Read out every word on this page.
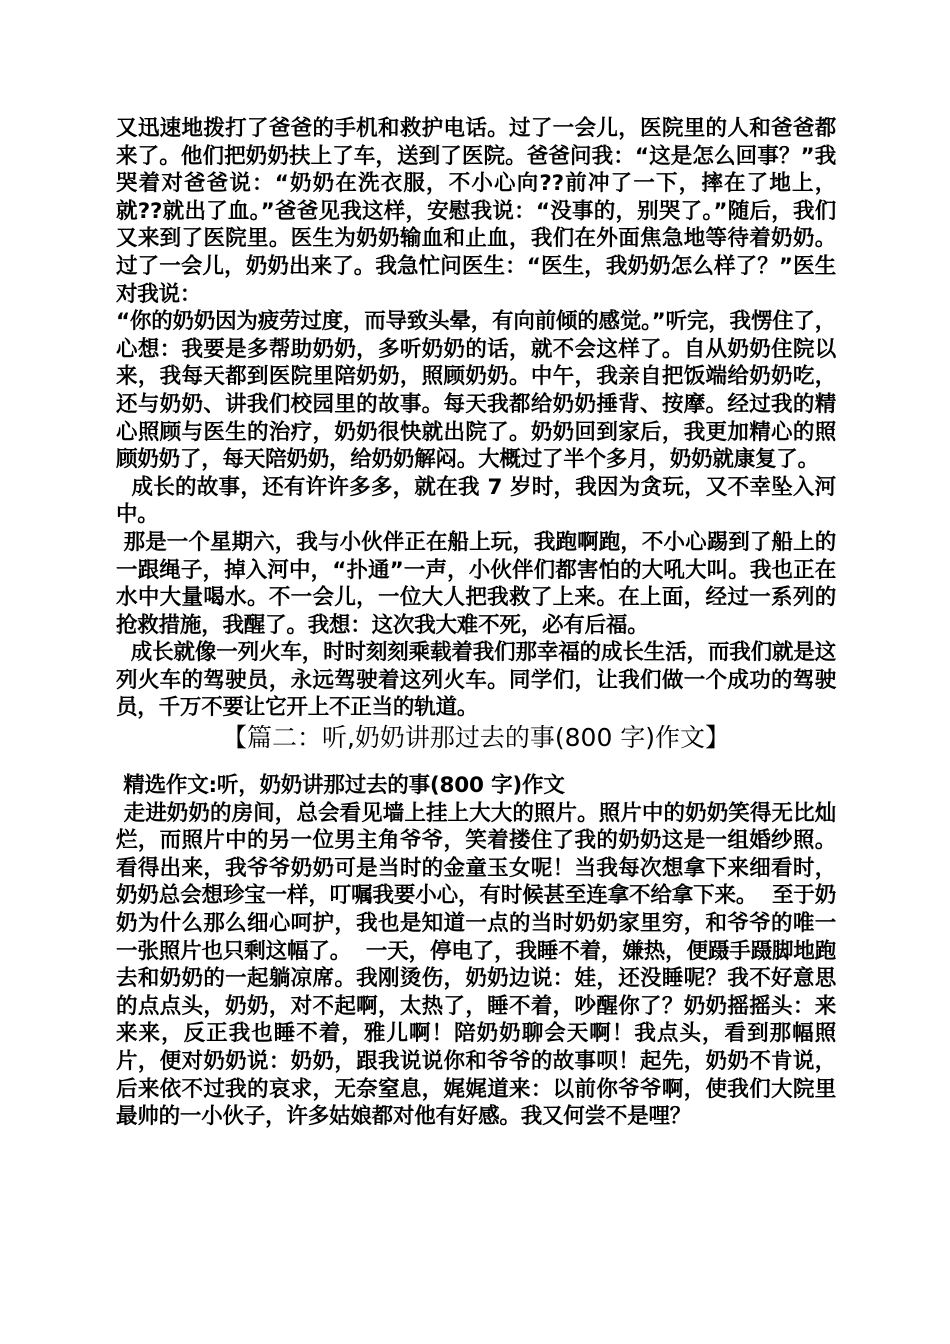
又迅速地拨打了爸爸的手机和救护电话。过了一会儿，医院里的人和爸爸都来了。他们把奶奶扶上了车，送到了医院。爸爸问我：“这是怎么回事？”我哭着对爸爸说：“奶奶在洗衣服，不小心向??前冲了一下，摔在了地上，就??就出了血。”爸爸见我这样，安慰我说：“没事的，别哭了。”随后，我们又来到了医院里。医生为奶奶输血和止血，我们在外面焦急地等待着奶奶。过了一会儿，奶奶出来了。我急忙问医生：“医生，我奶奶怎么样了？”医生对我说：

“你的奶奶因为疲劳过度，而导致头晕，有向前倾的感觉。”听完，我愣住了，心想：我要是多帮助奶奶，多听奶奶的话，就不会这样了。自从奶奶住院以来，我每天都到医院里陪奶奶，照顾奶奶。中午，我亲自把饭端给奶奶吃，还与奶奶、讲我们校园里的故事。每天我都给奶奶捶背、按摩。经过我的精心照顾与医生的治疗，奶奶很快就出院了。奶奶回到家后，我更加精心的照顾奶奶了，每天陪奶奶，给奶奶解闷。大概过了半个多月，奶奶就康复了。

成长的故事，还有许许多多，就在我 7 岁时，我因为贪玩，又不幸坠入河中。

那是一个星期六，我与小伙伴正在船上玩，我跑啊跑，不小心踢到了船上的一跟绳子，掉入河中，“扑通”一声，小伙伴们都害怕的大吼大叫。我也正在水中大量喝水。不一会儿，一位大人把我救了上来。在上面，经过一系列的抢救措施，我醒了。我想：这次我大难不死，必有后福。

成长就像一列火车，时时刻刻乘载着我们那幸福的成长生活，而我们就是这列火车的驾驶员，永远驾驶着这列火车。同学们，让我们做一个成功的驾驶员，千万不要让它开上不正当的轨道。

【篇二：听,奶奶讲那过去的事(800 字)作文】

精选作文:听，奶奶讲那过去的事(800 字)作文

走进奶奶的房间，总会看见墙上挂上大大的照片。照片中的奶奶笑得无比灿烂，而照片中的另一位男主角爷爷，笑着搂住了我的奶奶这是一组婚纱照。看得出来，我爷爷奶奶可是当时的金童玉女呢！当我每次想拿下来细看时，奶奶总会想珍宝一样，叮嘱我要小心，有时候甚至连拿不给拿下来。  至于奶奶为什么那么细心呵护，我也是知道一点的当时奶奶家里穷，和爷爷的唯一一张照片也只剩这幅了。  一天，停电了，我睡不着，嫌热，便蹑手蹑脚地跑去和奶奶的一起躺凉席。我刚烫伤，奶奶边说：娃，还没睡呢？我不好意思的点点头，奶奶，对不起啊，太热了，睡不着，吵醒你了？奶奶摇摇头：来来来，反正我也睡不着，雅儿啊！陪奶奶聊会天啊！我点头，看到那幅照片，便对奶奶说：奶奶，跟我说说你和爷爷的故事呗！起先，奶奶不肯说，后来依不过我的哀求，无奈窒息，娓娓道来：以前你爷爷啊，使我们大院里最帅的一小伙子，许多姑娘都对他有好感。我又何尝不是哩？
